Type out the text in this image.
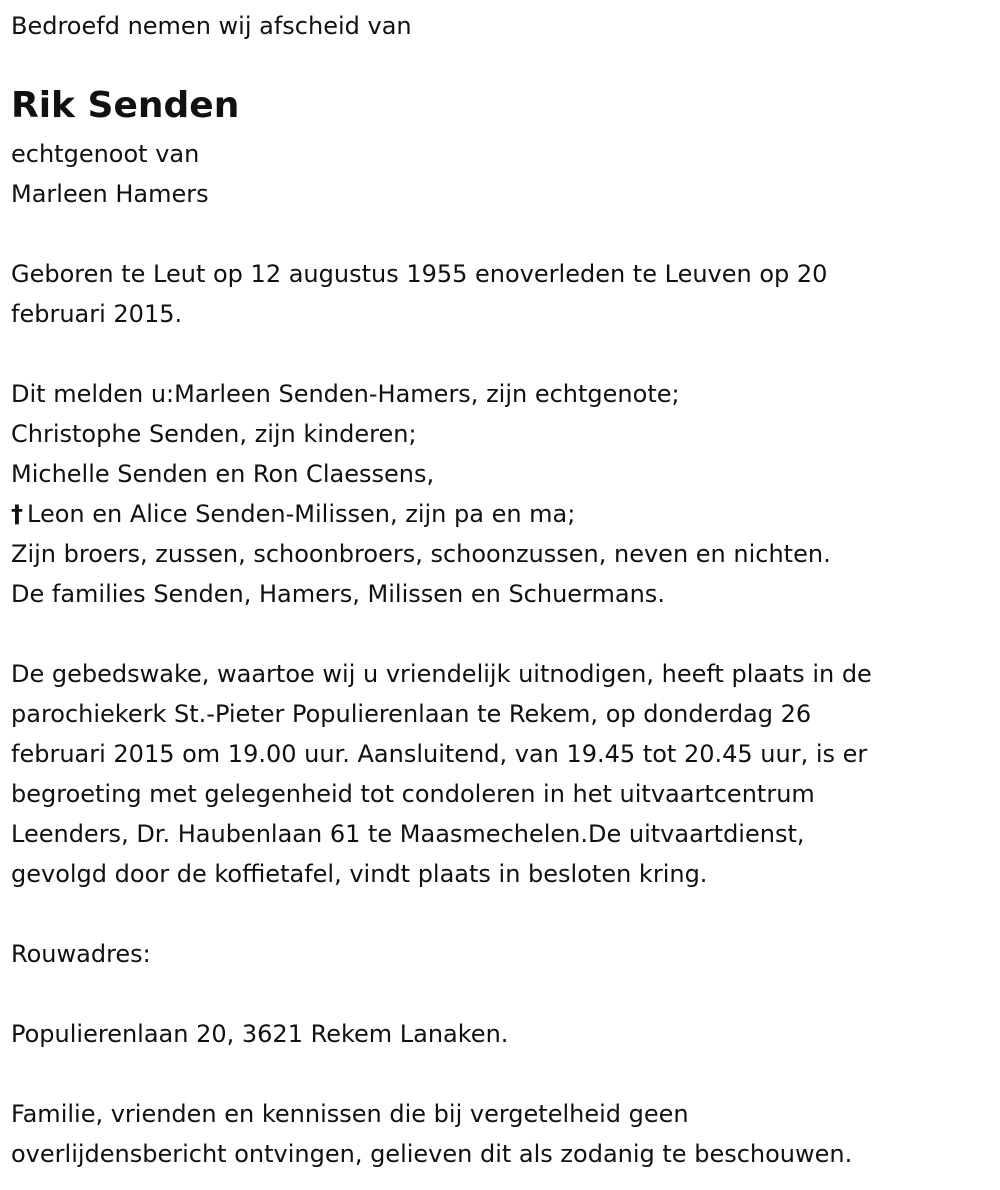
Bedroefd nemen wij afscheid van

Rik Senden

echtgenoot van

Marleen Hamers

Geboren te Leut op 12 augustus 1955 enoverleden te Leuven op 20

februari 2015.

Dit melden u:Marleen Senden-Hamers, zijn echtgenote;

Christophe Senden, zijn kinderen;

Michelle Senden en Ron Claessens,

† Leon en Alice Senden-Milissen, zijn pa en ma;

Zijn broers, zussen, schoonbroers, schoonzussen, neven en nichten.

De families Senden, Hamers, Milissen en Schuermans.

De gebedswake, waartoe wij u vriendelijk uitnodigen, heeft plaats in de

parochiekerk St.-Pieter Populierenlaan te Rekem, op donderdag 26

februari 2015 om 19.00 uur. Aansluitend, van 19.45 tot 20.45 uur, is er

begroeting met gelegenheid tot condoleren in het uitvaartcentrum

Leenders, Dr. Haubenlaan 61 te Maasmechelen.De uitvaartdienst,

gevolgd door de koffietafel, vindt plaats in besloten kring.

Rouwadres:

Populierenlaan 20, 3621 Rekem Lanaken.

Familie, vrienden en kennissen die bij vergetelheid geen

overlijdensbericht ontvingen, gelieven dit als zodanig te beschouwen.
